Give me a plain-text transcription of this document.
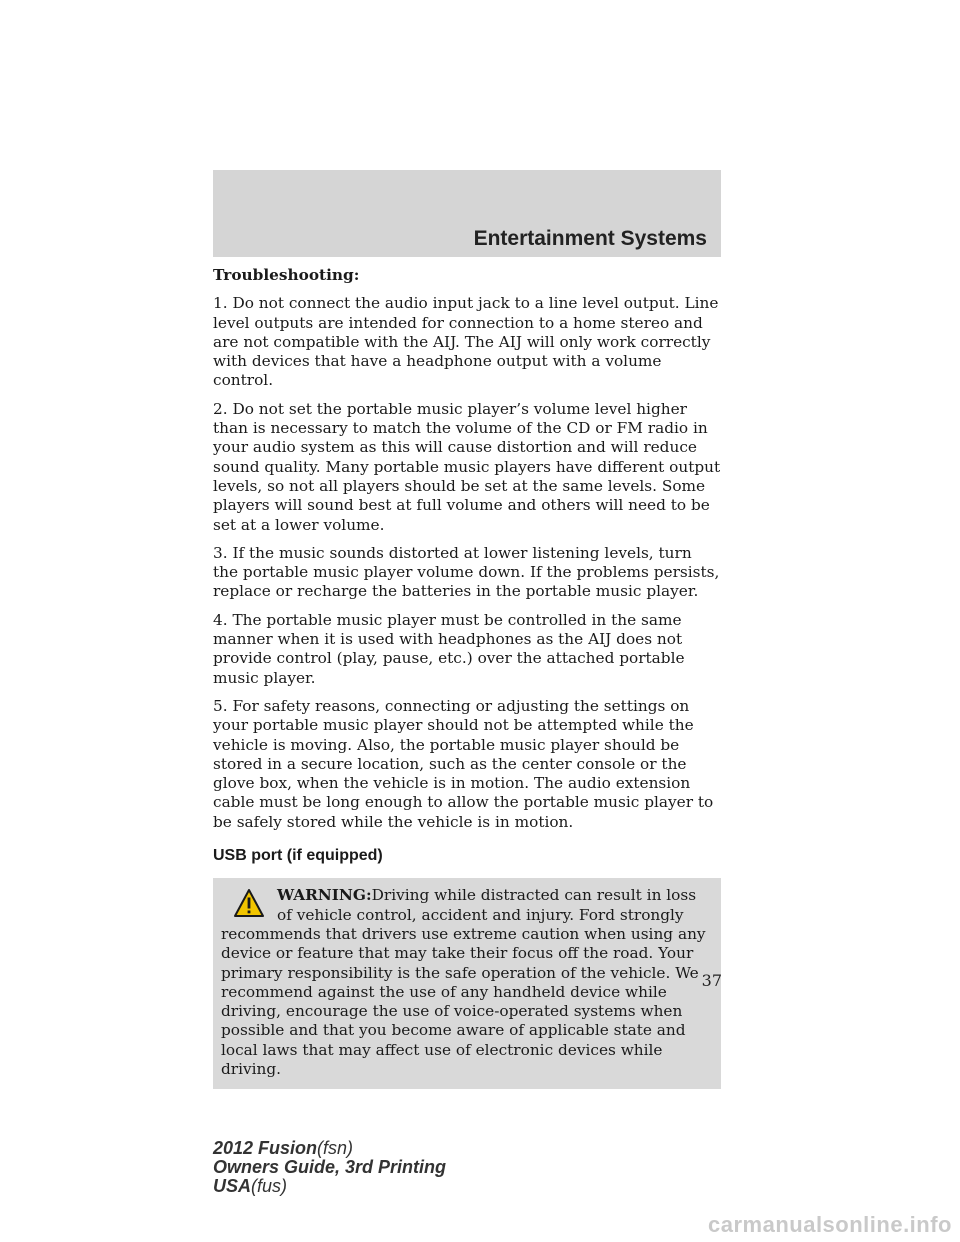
Entertainment Systems

Troubleshooting:

1. Do not connect the audio input jack to a line level output. Line level outputs are intended for connection to a home stereo and are not compatible with the AIJ. The AIJ will only work correctly with devices that have a headphone output with a volume control.

2. Do not set the portable music player’s volume level higher than is necessary to match the volume of the CD or FM radio in your audio system as this will cause distortion and will reduce sound quality. Many portable music players have different output levels, so not all players should be set at the same levels. Some players will sound best at full volume and others will need to be set at a lower volume.

3. If the music sounds distorted at lower listening levels, turn the portable music player volume down. If the problems persists, replace or recharge the batteries in the portable music player.

4. The portable music player must be controlled in the same manner when it is used with headphones as the AIJ does not provide control (play, pause, etc.) over the attached portable music player.

5. For safety reasons, connecting or adjusting the settings on your portable music player should not be attempted while the vehicle is moving. Also, the portable music player should be stored in a secure location, such as the center console or the glove box, when the vehicle is in motion. The audio extension cable must be long enough to allow the portable music player to be safely stored while the vehicle is in motion.

USB port (if equipped)
WARNING:Driving while distracted can result in loss of vehicle control, accident and injury. Ford strongly recommends that drivers use extreme caution when using any device or feature that may take their focus off the road. Your primary responsibility is the safe operation of the vehicle. We recommend against the use of any handheld device while driving, encourage the use of voice-operated systems when possible and that you become aware of applicable state and local laws that may affect use of electronic devices while driving.
37
2012 Fusion(fsn)
Owners Guide, 3rd Printing
USA(fus)
carmanualsonline.info
